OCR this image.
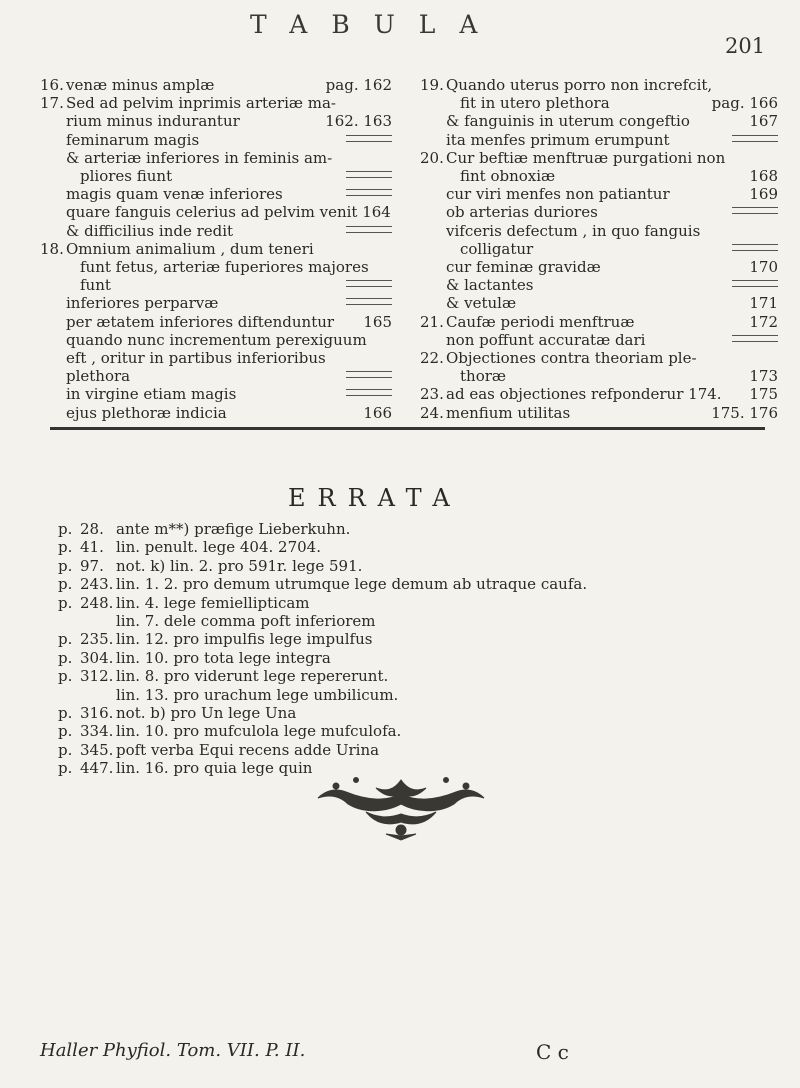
TABULA
201
16. venæ minus amplæ	pag. 162
17. Sed ad pelvim inprimis arteriæ ma-
rium minus indurantur	162. 163
feminarum magis
& arteriæ inferiores in feminis am-
pliores fiunt
magis quam venæ inferiores
quare fanguis celerius ad pelvim venit 164
& difficilius inde redit
18. Omnium animalium , dum teneri
funt fetus, arteriæ fuperiores majores
funt
inferiores perparvæ
per ætatem inferiores diftenduntur	165
quando nunc incrementum perexiguum
eft , oritur in partibus inferioribus
plethora
in virgine etiam magis
ejus plethoræ indicia	166
19. Quando uterus porro non increfcit,
fit in utero plethora	pag. 166
& fanguinis in uterum congeftio	167
ita menfes primum erumpunt
20. Cur beftiæ menftruæ purgationi non
fint obnoxiæ	168
cur viri menfes non patiantur	169
ob arterias duriores
vifceris defectum , in quo fanguis
colligatur
cur feminæ gravidæ	170
& lactantes
& vetulæ	171
21. Caufæ periodi menftruæ	172
non poffunt accuratæ dari
22. Objectiones contra theoriam ple-
thoræ	173
23. ad eas objectiones refponderur 174.	175
24. menfium utilitas	175. 176
ERRATA
p. 28. ante m**) præfige Lieberkuhn.
p. 41. lin. penult. lege 404. 2704.
p. 97. not. k) lin. 2. pro 591r. lege 591.
p. 243. lin. 1. 2. pro demum utrumque lege demum ab utraque caufa.
p. 248. lin. 4. lege femiellipticam
lin. 7. dele comma poft inferiorem
p. 235. lin. 12. pro impulfis lege impulfus
p. 304. lin. 10. pro tota lege integra
p. 312. lin. 8. pro viderunt lege repererunt.
lin. 13. pro urachum lege umbilicum.
p. 316. not. b) pro Un lege Una
p. 334. lin. 10. pro mufculola lege mufculofa.
p. 345. poft verba Equi recens adde Urina
p. 447. lin. 16. pro quia lege quin
Haller Phyfiol. Tom. VII. P. II.	C c
